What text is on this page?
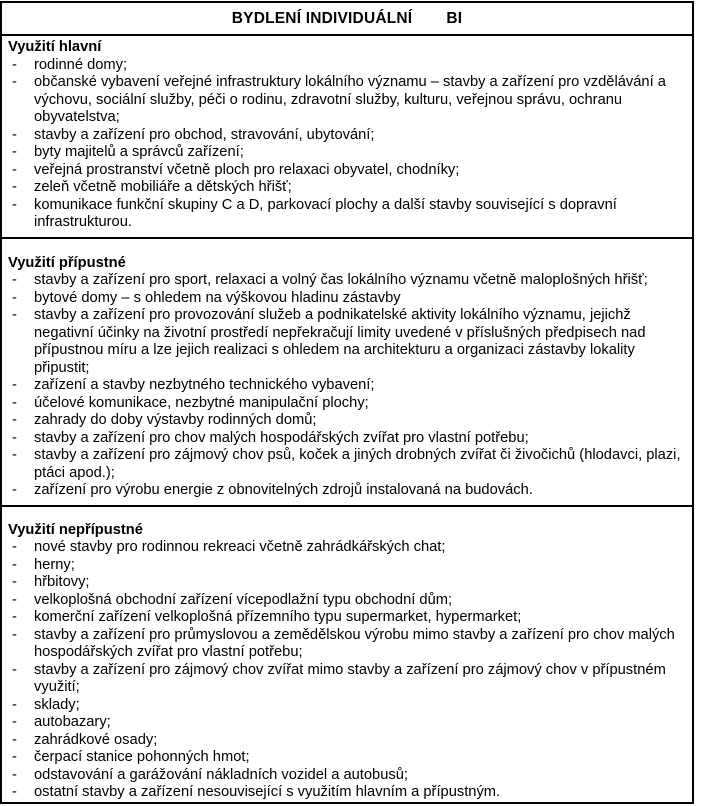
BYDLENÍ INDIVIDUÁLNÍ BI
Využití hlavní
- rodinné domy;
- občanské vybavení veřejné infrastruktury lokálního významu – stavby a zařízení pro vzdělávání a výchovu, sociální služby, péči o rodinu, zdravotní služby, kulturu, veřejnou správu, ochranu obyvatelstva;
- stavby a zařízení pro obchod, stravování, ubytování;
- byty majitelů a správců zařízení;
- veřejná prostranství včetně ploch pro relaxaci obyvatel, chodníky;
- zeleň včetně mobiliáře a dětských hřišť;
- komunikace funkční skupiny C a D, parkovací plochy a další stavby související s dopravní infrastrukturou.
Využití přípustné
- stavby a zařízení pro sport, relaxaci a volný čas lokálního významu včetně maloplošných hřišť;
- bytové domy – s ohledem na výškovou hladinu zástavby
- stavby a zařízení pro provozování služeb a podnikatelské aktivity lokálního významu, jejichž negativní účinky na životní prostředí nepřekračují limity uvedené v příslušných předpisech nad přípustnou míru a lze jejich realizaci s ohledem na architekturu a organizaci zástavby lokality připustit;
- zařízení a stavby nezbytného technického vybavení;
- účelové komunikace, nezbytné manipulační plochy;
- zahrady do doby výstavby rodinných domů;
- stavby a zařízení pro chov malých hospodářských zvířat pro vlastní potřebu;
- stavby a zařízení pro zájmový chov psů, koček a jiných drobných zvířat či živočichů (hlodavci, plazi, ptáci apod.);
- zařízení pro výrobu energie z obnovitelných zdrojů instalovaná na budovách.
Využití nepřípustné
- nové stavby pro rodinnou rekreaci včetně zahrádkářských chat;
- herny;
- hřbitovy;
- velkoplošná obchodní zařízení vícepodlažní typu obchodní dům;
- komerční zařízení velkoplošná přízemního typu supermarket, hypermarket;
- stavby a zařízení pro průmyslovou a zemědělskou výrobu mimo stavby a zařízení pro chov malých hospodářských zvířat pro vlastní potřebu;
- stavby a zařízení pro zájmový chov zvířat mimo stavby a zařízení pro zájmový chov v přípustném využití;
- sklady;
- autobazary;
- zahrádkové osady;
- čerpací stanice pohonných hmot;
- odstavování a garážování nákladních vozidel a autobusů;
- ostatní stavby a zařízení nesouvisející s využitím hlavním a přípustným.
